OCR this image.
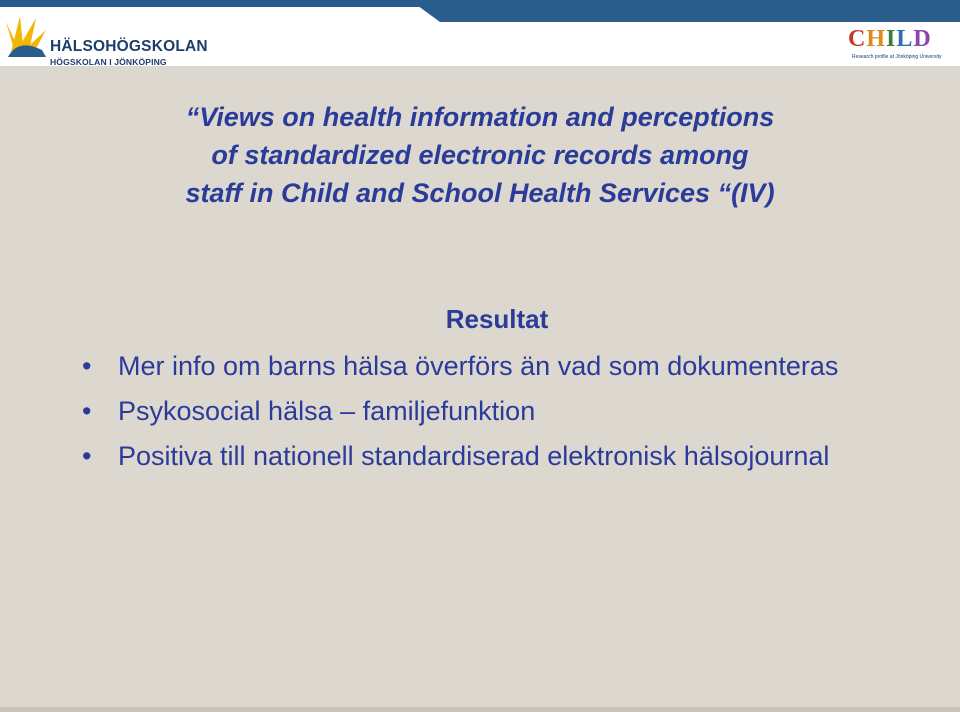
HÄLSOHÖGSKOLAN
HÖGSKOLAN I JÖNKÖPING
CHILD
Research profile at Jönköping University
“Views on health information and perceptions
of standardized electronic records among
staff in Child and School Health Services “(IV)
Resultat
• Mer info om barns hälsa överförs än vad som dokumenteras
• Psykosocial hälsa – familjefunktion
• Positiva till nationell standardiserad elektronisk hälsojournal
